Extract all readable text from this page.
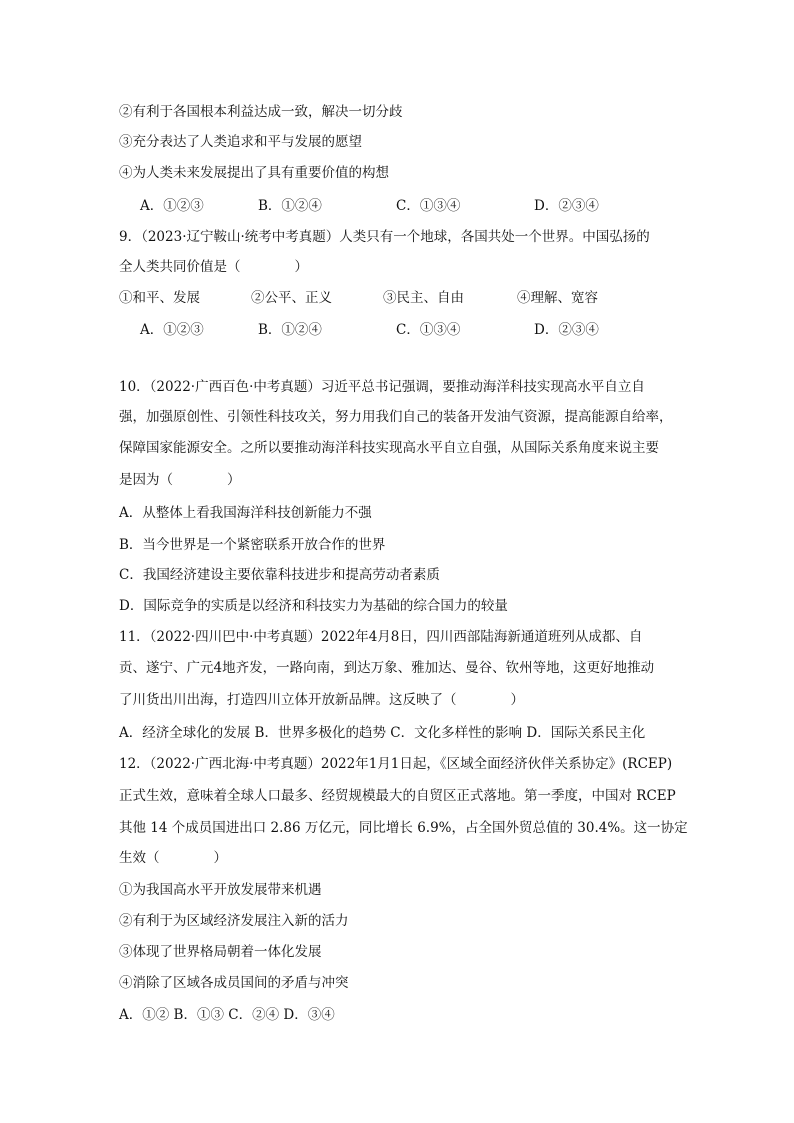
②有利于各国根本利益达成一致，解决一切分歧
③充分表达了人类追求和平与发展的愿望
④为人类未来发展提出了具有重要价值的构想
A．①②③	B．①②④	C．①③④	D．②③④
9．（2023·辽宁鞍山·统考中考真题）人类只有一个地球，各国共处一个世界。中国弘扬的
全人类共同价值是（　　　　）
①和平、发展	②公平、正义	③民主、自由	④理解、宽容
A．①②③	B．①②④	C．①③④	D．②③④
10．（2022·广西百色·中考真题）习近平总书记强调，要推动海洋科技实现高水平自立自
强，加强原创性、引领性科技攻关，努力用我们自己的装备开发油气资源，提高能源自给率，
保障国家能源安全。之所以要推动海洋科技实现高水平自立自强，从国际关系角度来说主要
是因为（　　　　）
A．从整体上看我国海洋科技创新能力不强
B．当今世界是一个紧密联系开放合作的世界
C．我国经济建设主要依靠科技进步和提高劳动者素质
D．国际竞争的实质是以经济和科技实力为基础的综合国力的较量
11．（2022·四川巴中·中考真题）2022年4月8日，四川西部陆海新通道班列从成都、自
贡、遂宁、广元4地齐发，一路向南，到达万象、雅加达、曼谷、钦州等地，这更好地推动
了川货出川出海，打造四川立体开放新品牌。这反映了（　　　　）
A．经济全球化的发展 B．世界多极化的趋势 C．文化多样性的影响 D．国际关系民主化
12．（2022·广西北海·中考真题）2022年1月1日起，《区域全面经济伙伴关系协定》(RCEP)
正式生效，意味着全球人口最多、经贸规模最大的自贸区正式落地。第一季度，中国对 RCEP
其他 14 个成员国进出口 2.86 万亿元，同比增长 6.9%，占全国外贸总值的 30.4%。这一协定
生效（　　　　）
①为我国高水平开放发展带来机遇
②有利于为区域经济发展注入新的活力
③体现了世界格局朝着一体化发展
④消除了区域各成员国间的矛盾与冲突
A．①② B．①③ C．②④ D．③④
